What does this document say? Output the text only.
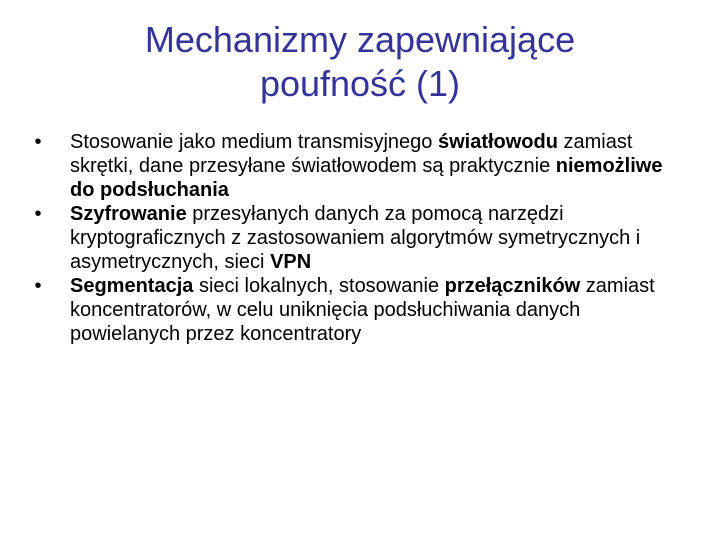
Mechanizmy zapewniające
poufność (1)
•	Stosowanie jako medium transmisyjnego światłowodu zamiast skrętki, dane przesyłane światłowodem są praktycznie niemożliwe do podsłuchania
•	Szyfrowanie przesyłanych danych za pomocą narzędzi kryptograficznych z zastosowaniem algorytmów symetrycznych i asymetrycznych, sieci VPN
•	Segmentacja sieci lokalnych, stosowanie przełączników zamiast koncentratorów, w celu uniknięcia podsłuchiwania danych powielanych przez koncentratory
